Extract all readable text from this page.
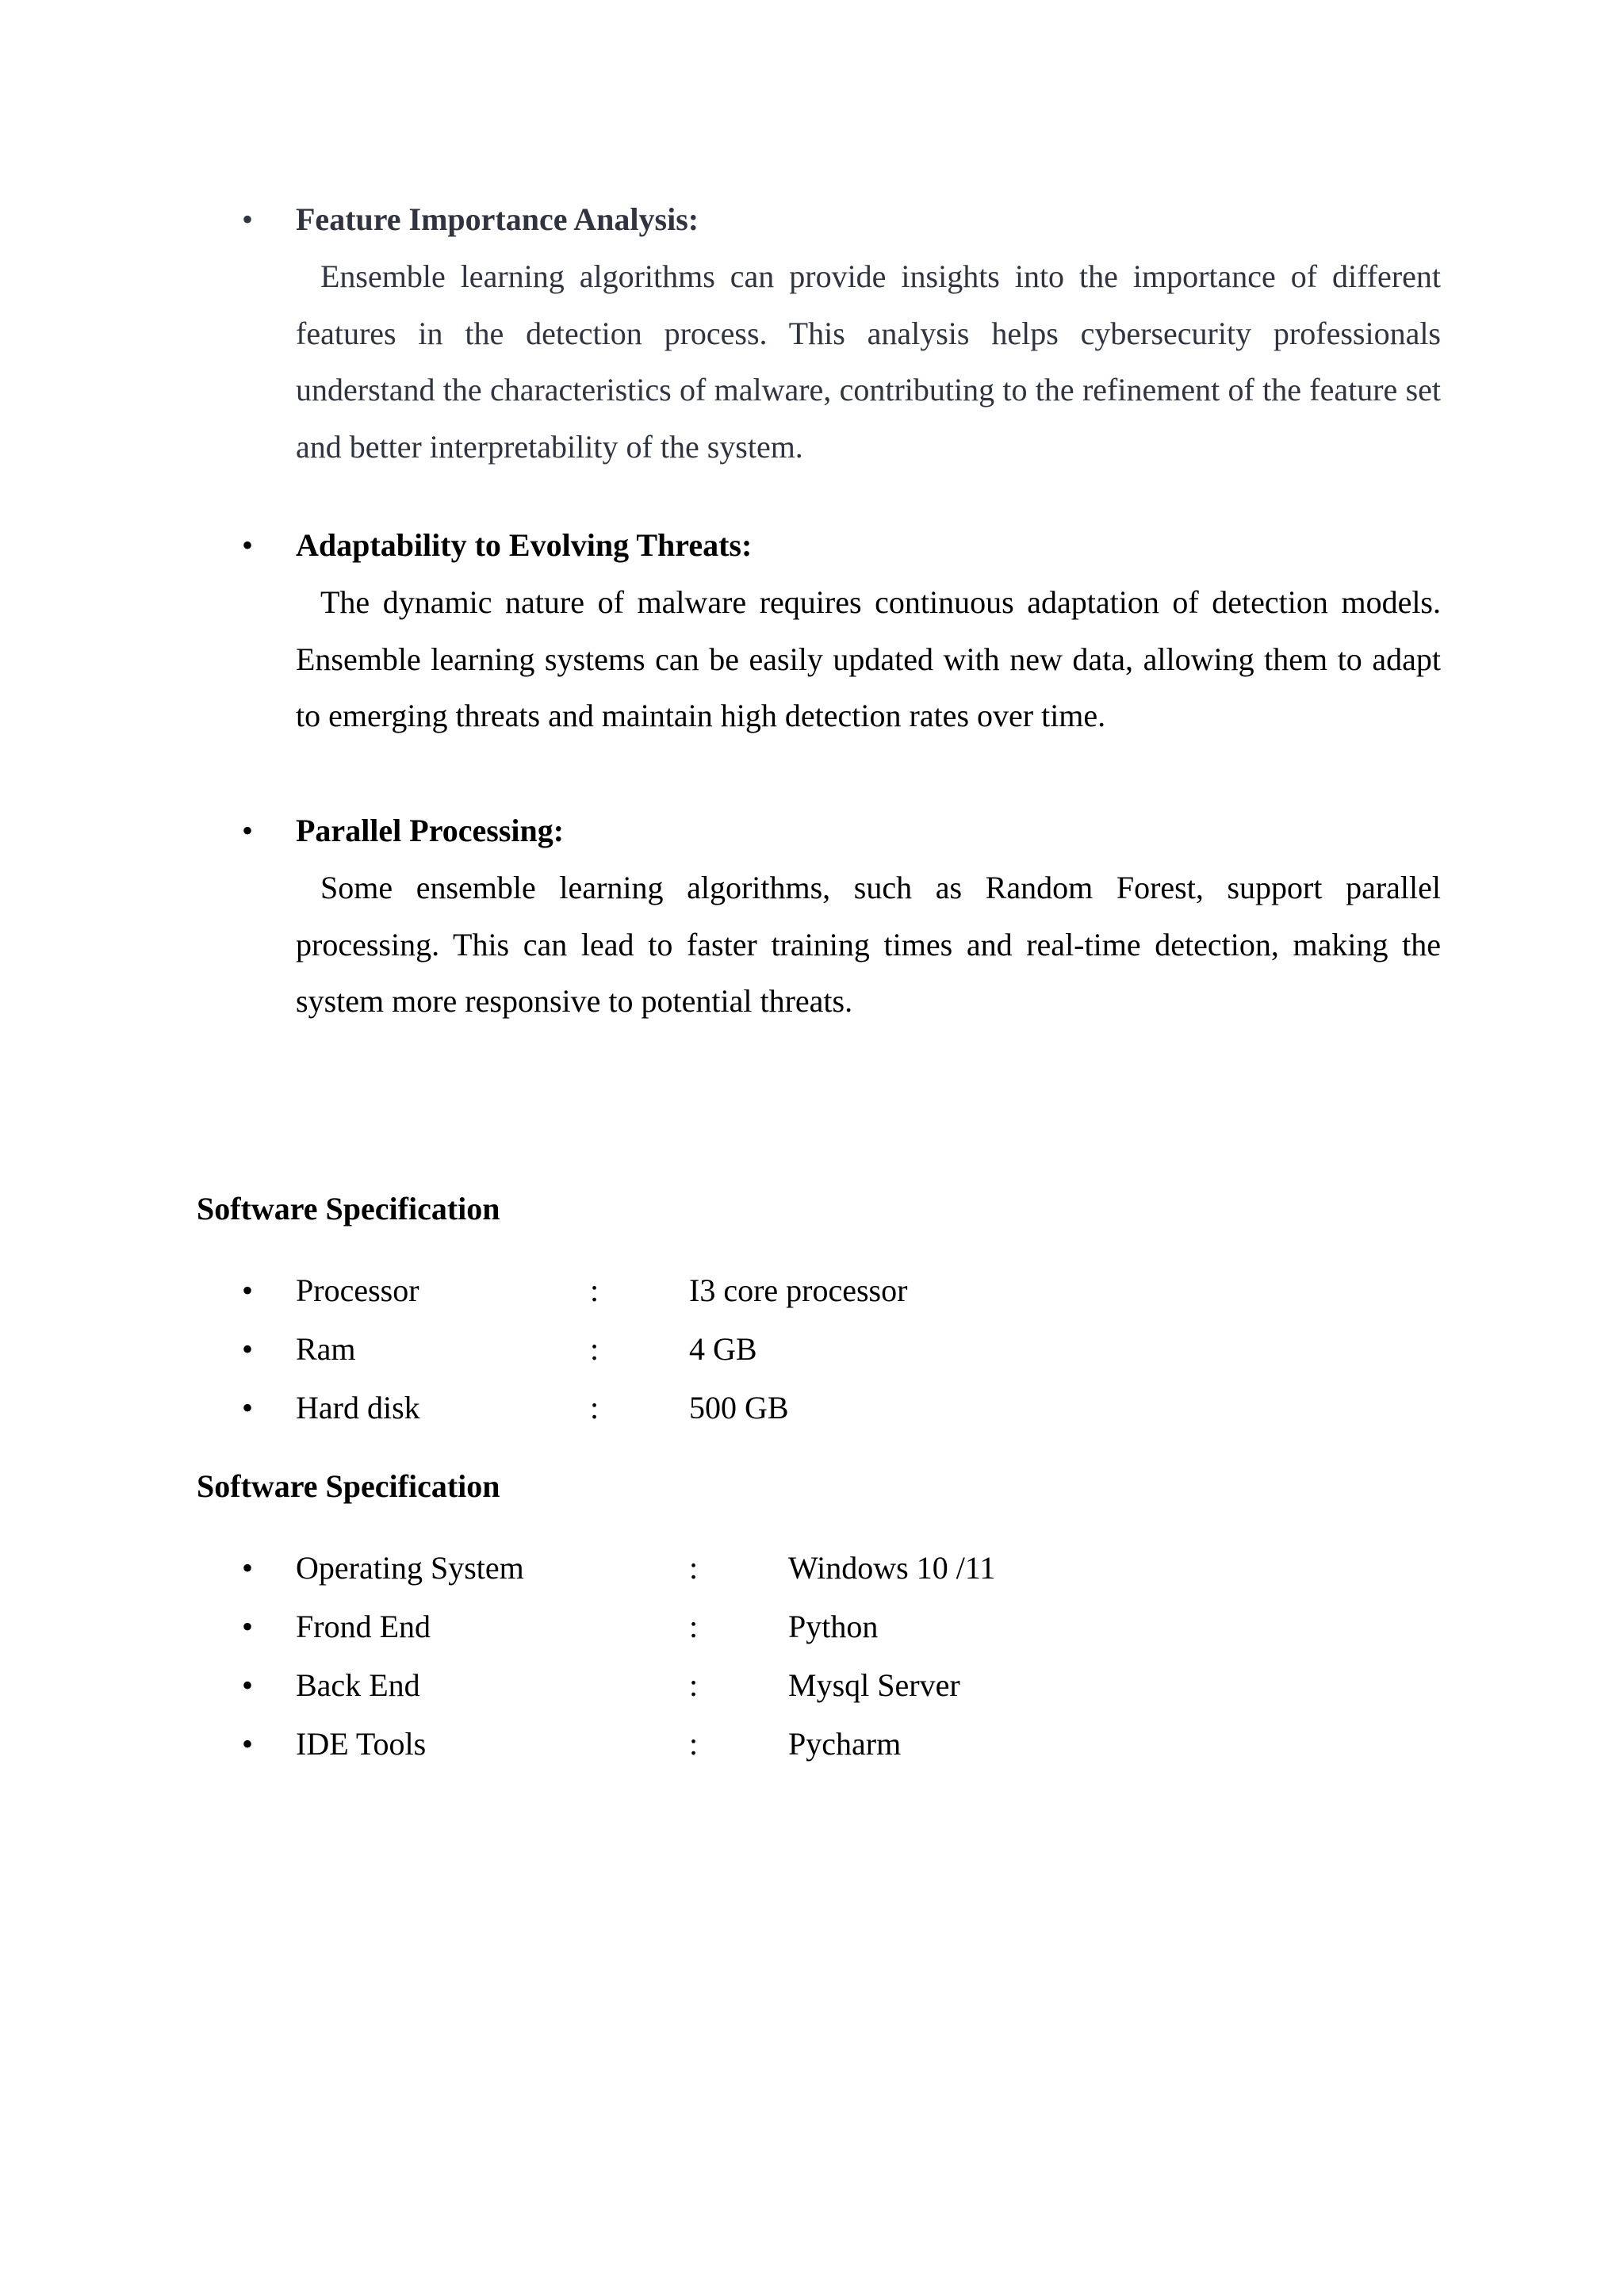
• Feature Importance Analysis:
Ensemble learning algorithms can provide insights into the importance of different features in the detection process. This analysis helps cybersecurity professionals understand the characteristics of malware, contributing to the refinement of the feature set and better interpretability of the system.
• Adaptability to Evolving Threats:
The dynamic nature of malware requires continuous adaptation of detection models. Ensemble learning systems can be easily updated with new data, allowing them to adapt to emerging threats and maintain high detection rates over time.
• Parallel Processing:
Some ensemble learning algorithms, such as Random Forest, support parallel processing. This can lead to faster training times and real-time detection, making the system more responsive to potential threats.
Software Specification
• Processor	:	I3 core processor
• Ram	:	4 GB
• Hard disk	:	500 GB
Software Specification
• Operating System	:	Windows 10 /11
• Frond End	:	Python
• Back End	:	Mysql Server
• IDE Tools	:	Pycharm
